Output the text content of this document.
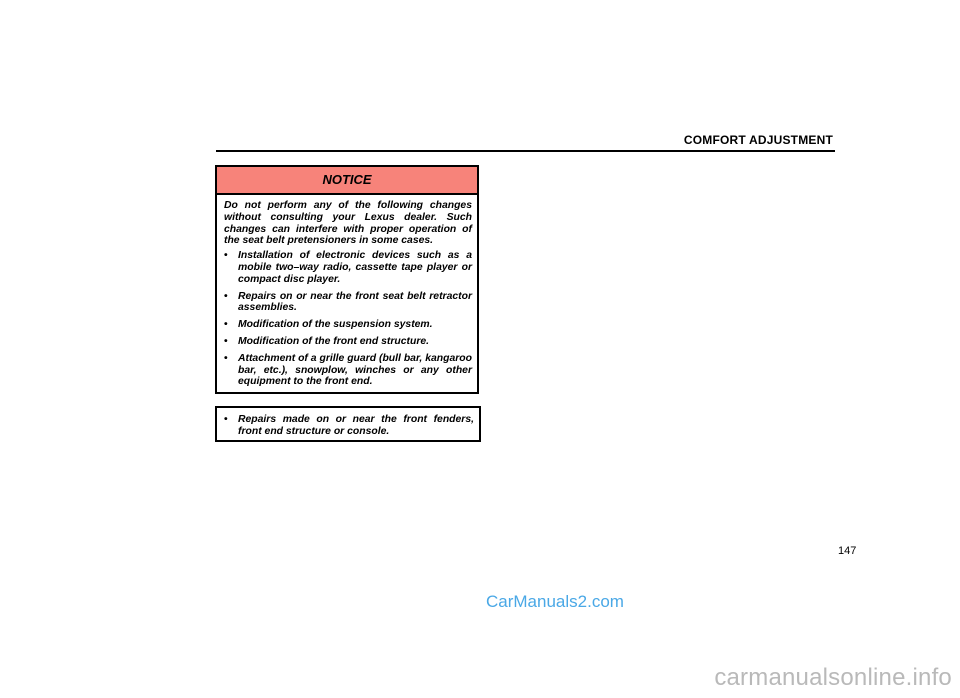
COMFORT ADJUSTMENT
NOTICE

Do not perform any of the following changes without consulting your Lexus dealer. Such changes can interfere with proper operation of the seat belt pretensioners in some cases.

• Installation of electronic devices such as a mobile two–way radio, cassette tape player or compact disc player.
• Repairs on or near the front seat belt retractor assemblies.
• Modification of the suspension system.
• Modification of the front end structure.
• Attachment of a grille guard (bull bar, kangaroo bar, etc.), snowplow, winches or any other equipment to the front end.
• Repairs made on or near the front fenders, front end structure or console.
147
CarManuals2.com
carmanualsonline.info
